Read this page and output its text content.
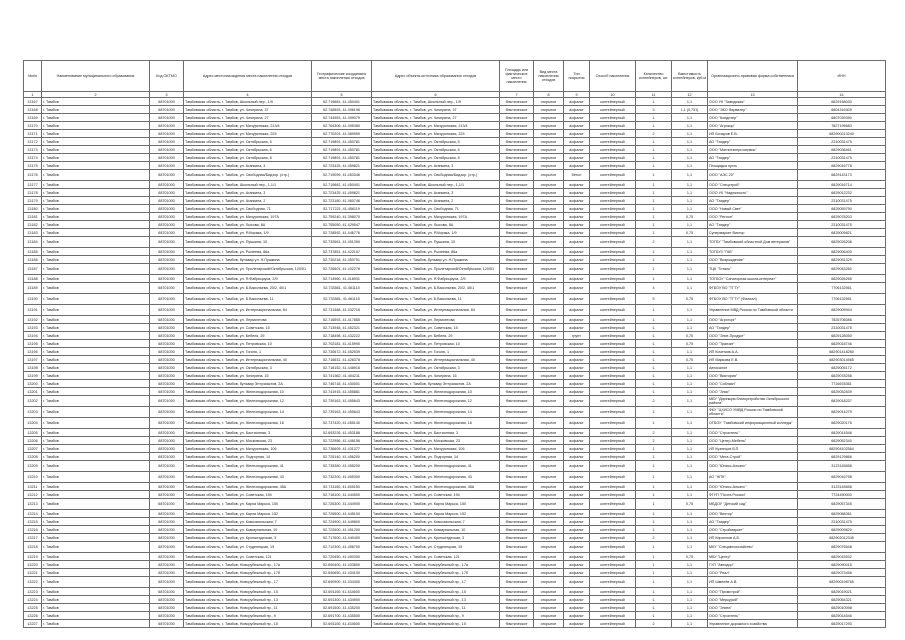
№п/п	Наименование муниципального образования	Код ОКТМО	Адрес местонахождения места накопления отходов	Географические координаты места накопления отходов	Адрес объекта-источника образования отходов	Площадь или фактическое место накопления	Вид места накопления отходов	Тип покрытия	Способ накопления	Количество контейнеров, шт.	Вместимость контейнеров, куб.м	Организационно-правовая форма собственника	ИНН
1	2	3	4	5	6	7	8	9	10	11	12	13	14
13167	г. Тамбов	68701000	Тамбовская область, г. Тамбов, Школьный пер., 1/9	52.719681, 41.450401	Тамбовская область, г. Тамбов, Школьный пер., 1/9	Фактическое	открытое	асфальт	контейнерный	1	1,1	ООО УК "Заводская"	6829158030
13168	г. Тамбов	68701000	Тамбовская область, г. Тамбов, ул. Чичерина, 37	52.748593, 41.396196	Тамбовская область, г. Тамбов, ул. Чичерина, 37	Фактическое	открытое	асфальт	контейнерный	3	1,1 (0,751)	ООО "ЭКО Фарватер"	6804316309
13169	г. Тамбов	68701000	Тамбовская область, г. Тамбов, ул. Чичерина, 27	52.744953, 41.399079	Тамбовская область, г. Тамбов, ул. Чичерина, 27	Фактическое	открытое	асфальт	контейнерный	1	1,1	ООО "Кондитер"	6807039390
13170	г. Тамбов	68701000	Тамбовская область, г. Тамбов, ул. Мичуринская, 213/4	52.764306, 41.395380	Тамбовская область, г. Тамбов, ул. Мичуринская, 213/4	Фактическое	открытое	асфальт	контейнерный	1	1,1	ООО "Агрокор"	7827195683
13171	г. Тамбов	68701000	Тамбовская область, г. Тамбов, ул. Мичуринская, 225	52.770203, 41.389959	Тамбовская область, г. Тамбов, ул. Мичуринская, 225	Фактическое	открытое	асфальт	контейнерный	2	1,1	ИП Бочаров Е.В.	682900213240
13172	г. Тамбов	68701000	Тамбовская область, г. Тамбов, ул. Октябрьская, 5	52.719891, 41.450781	Тамбовская область, г. Тамбов, ул. Октябрьская, 5	Фактическое	открытое	асфальт	контейнерный	1	1,1	АО "Тандер"	2310031475
13173	г. Тамбов	68701000	Тамбовская область, г. Тамбов, ул. Октябрьская, 6	52.719891, 41.450781	Тамбовская область, г. Тамбов, ул. Октябрьская, 6	Фактическое	открытое	асфальт	контейнерный	1	1,1	ООО "Магнитэнергосервис"	6829036461
13174	г. Тамбов	68701000	Тамбовская область, г. Тамбов, ул. Октябрьская, 8	52.719891, 41.450781	Тамбовская область, г. Тамбов, ул. Октябрьская, 8	Фактическое	открытое	асфальт	контейнерный	1	1,1	АО "Тандер"	2310031475
13175	г. Тамбов	68701000	Тамбовская область, г. Тамбов, ул. Агапкина, 3	52.723425, 41.459821	Тамбовская область, г. Тамбов, ул. Агапкина, 3	Фактическое	открытое	асфальт	контейнерный	1	1,1	Площадка пусть	6829016778
13176	г. Тамбов	68701000	Тамбовская область, г. Тамбов, ул. Свободная/Бидзор. (стр.)	52.719099, 41.453346	Тамбовская область, г. Тамбов, ул. Свободная/Бидзор. (стр.)	Фактическое	открытое	бетон	контейнерный	1	1,1	ООО "АЭС 20"	6829143173
13177	г. Тамбов	68701000	Тамбовская область, г. Тамбов, Школьный пер., 1,1/1	52.719681, 41.450401	Тамбовская область, г. Тамбов, Школьный пер., 1,1/1	Фактическое	открытое	асфальт	контейнерный	1	1,1	ООО "Спецстрой"	6829016714
13178	г. Тамбов	68701000	Тамбовская область, г. Тамбов, ул. Агапкина, 3	52.723425, 41.459821	Тамбовская область, г. Тамбов, ул. Агапкина, 3	Фактическое	открытое	асфальт	контейнерный	1	1,1	ООО УК "Надежность"	6829012232
13179	г. Тамбов	68701000	Тамбовская область, г. Тамбов, ул. Агапкина, 2	52.723180, 41.460746	Тамбовская область, г. Тамбов, ул. Агапкина, 2	Фактическое	открытое	асфальт	контейнерный	1	1,1	АО "Тандер"	2310031475
13180	г. Тамбов	68701000	Тамбовская область, г. Тамбов, ул. Свободная, 71	52.717221, 41.456119	Тамбовская область, г. Тамбов, ул. Свободная, 71	Фактическое	открытое	асфальт	контейнерный	1	1,1	ООО "Новый Свет"	6829059790
13181	г. Тамбов	68701000	Тамбовская область, г. Тамбов, ул. Мичуринская, 197А	52.759240, 41.398070	Тамбовская область, г. Тамбов, ул. Мичуринская, 197А	Фактическое	открытое	асфальт	контейнерный	1	0,75	ООО "Регион"	6829078203
13182	г. Тамбов	68701000	Тамбовская область, г. Тамбов, ул. Лысова, 8А	52.755050, 41.429547	Тамбовская область, г. Тамбов, ул. Лысова, 8А	Фактическое	открытое	асфальт	контейнерный	1	1,1	АО "Тандер"	2310031475
13183	г. Тамбов	68701000	Тамбовская область, г. Тамбов, ул. Р.Моряка, 1/9	52.728592, 41.446776	Тамбовская область, г. Тамбов, ул. Р.Моряка, 1/9	Фактическое	открытое	асфальт	контейнерный	1	0,75	Супермаркет Виктор	6829009821
13184	г. Тамбов	68701000	Тамбовская область, г. Тамбов, ул. Пушкина, 10	52.732661, 41.451390	Тамбовская область, г. Тамбов, ул. Пушкина, 10	Фактическое	открытое	асфальт	контейнерный	2	1,1	ТОГБУ "Тамбовский областной Дом ветеранов"	6829026208
13185	г. Тамбов	68701000	Тамбовская область, г. Тамбов, ул. Рылеева, 86а	52.737851, 41.422107	Тамбовская область, г. Тамбов, ул. Рылеева, 86а	Фактическое	открытое	асфальт	контейнерный	1	1,1	ТОГБУЗ "ГКБ"	6829006400
13186	г. Тамбов	68701000	Тамбовская область, г. Тамбов, бульвар ул. Н.Пушкина	52.730218, 41.450751	Тамбовская область, г. Тамбов, бульвар ул. Н.Пушкина	Фактическое	открытое	асфальт	контейнерный	1	1,1	ООО "Возрождение"	6829051329
13187	г. Тамбов	68701000	Тамбовская область, г. Тамбов, ул. Пролетарский/Октябрьская, 120/51	52.726601, 41.432278	Тамбовская область, г. Тамбов, ул. Пролетарский/Октябрьская, 120/51	Фактическое	открытое	асфальт	контейнерный	1	1,1	ТЦК "Тоталь"	6829043260
13188	г. Тамбов	68701000	Тамбовская область, г. Тамбов, ул. Я.Фабрициуса, 2/9	52.714960, 41.418931	Тамбовская область, г. Тамбов, ул. Я.Фабрициуса, 2/9	Фактическое	открытое	асфальт	контейнерный	1	1,1	ТОГБОУ "Санаторная школа-интернат"	6829026265
13189	г. Тамбов	68701000	Тамбовская область, г. Тамбов, ул. Б.Васильева, 20/2, 40/1	52.733581, 41.461115	Тамбовская область, г. Тамбов, ул. Б.Васильева, 20/2, 40/1	Фактическое	открытое	асфальт	контейнерный	4	1,1	ФГБОУ ВО "ТГТУ"	7706132561
13190	г. Тамбов	68701000	Тамбовская область, г. Тамбов, ул. Б.Васильева, 11	52.733581, 41.461115	Тамбовская область, г. Тамбов, ул. Б.Васильева, 11	Фактическое	открытое	асфальт	контейнерный	5	0,75	ФГБОУ ВО "ТГТУ" (Филиал)	7706132561
13191	г. Тамбов	68701000	Тамбовская область, г. Тамбов, ул. Интернациональная, 84	52.731488, 41.432716	Тамбовская область, г. Тамбов, ул. Интернациональная, 84	Фактическое	открытое	асфальт	контейнерный	1	1,1	Управление МВД России по Тамбовской области	6829009944
13192	г. Тамбов	68701000	Тамбовская область, г. Тамбов, ул. Лермонтова	52.716593, 41.417855	Тамбовская область, г. Тамбов, ул. Лермонтова	Фактическое	открытое	асфальт	контейнерный	1	1,1	ООО "Агроторг"	7825706086
13193	г. Тамбов	68701000	Тамбовская область, г. Тамбов, ул. Советская, 15	52.713948, 41.452321	Тамбовская область, г. Тамбов, ул. Советская, 15	Фактическое	открытое	асфальт	контейнерный	1	1,1	АО "Тандер"	2310031475
13194	г. Тамбов	68701000	Тамбовская область, г. Тамбов, ул. Бебеля, 29	52.718498, 41.432222	Тамбовская область, г. Тамбов, ул. Бебеля, 29	Фактическое	открытое	грунт	контейнерный	1	0,75	ООО "Элит-Продукт"	6829128050
13195	г. Тамбов	68701000	Тамбовская область, г. Тамбов, ул. Петровская, 10	52.702181, 41.415990	Тамбовская область, г. Тамбов, ул. Петровская, 10	Фактическое	открытое	асфальт	контейнерный	1	0,75	ООО "Транзит"	6829018746
13196	г. Тамбов	68701000	Тамбовская область, г. Тамбов, ул. Гоголя, 1	52.730672, 41.452539	Тамбовская область, г. Тамбов, ул. Гоголя, 1	Фактическое	открытое	асфальт	контейнерный	1	1,1	ИП Кочетков А.А.	682901418260
13197	г. Тамбов	68701000	Тамбовская область, г. Тамбов, ул. Интернациональная, 40	52.716631, 41.426378	Тамбовская область, г. Тамбов, ул. Интернациональная, 40	Фактическое	открытое	асфальт	контейнерный	1	0,75	ИП Маркова Е.В.	682903014565
13198	г. Тамбов	68701000	Тамбовская область, г. Тамбов, ул. Октябрьская, 3	52.718152, 41.448916	Тамбовская область, г. Тамбов, ул. Октябрьская, 3	Фактическое	открытое	асфальт	контейнерный	1	1,1	Автосалон	6829005172
13199	г. Тамбов	68701000	Тамбовская область, г. Тамбов, ул. Чичерина, 15	52.741562, 41.404211	Тамбовская область, г. Тамбов, ул. Чичерина, 15	Фактическое	открытое	асфальт	контейнерный	1	1,1	ООО "Виктория"	6829078256
13200	г. Тамбов	68701000	Тамбовская область, г. Тамбов, бульвар Энтузиастов, 2А	52.746718, 41.430001	Тамбовская область, г. Тамбов, бульвар Энтузиастов, 2А	Фактическое	открытое	асфальт	контейнерный	1	1,1	ООО "Соблазн"	7716678361
13201	г. Тамбов	68701000	Тамбовская область, г. Тамбов, ул. Железнодорожная, 10	52.741915, 41.455881	Тамбовская область, г. Тамбов, ул. Железнодорожная, 10	Фактическое	открытое	асфальт	контейнерный	1	1,1	ООО "Элис"	6829052839
13202	г. Тамбов	68701000	Тамбовская область, г. Тамбов, ул. Железнодорожная, 12	52.739163, 41.455643	Тамбовская область, г. Тамбов, ул. Железнодорожная, 12	Фактическое	открытое	асфальт	контейнерный	2	1,1	МБУ "Дирекция благоустройства Октябрьского района"	6829018237
13203	г. Тамбов	68701000	Тамбовская область, г. Тамбов, ул. Железнодорожная, 14	52.739163, 41.455643	Тамбовская область, г. Тамбов, ул. Железнодорожная, 14	Фактическое	открытое	асфальт	контейнерный	1	1,1	ФКУ "ЦХИСО УМВД России по Тамбовской области"	6829014279
13204	г. Тамбов	68701000	Тамбовская область, г. Тамбов, ул. Железнодорожная, 16	52.737420, 41.455140	Тамбовская область, г. Тамбов, ул. Железнодорожная, 16	Фактическое	открытое	асфальт	контейнерный	1	1,1	ОГБОУ "Тамбовский информационный колледж"	6829020176
13205	г. Тамбов	68701000	Тамбовская область, г. Тамбов, ул. Бастионная, 3	52.693226, 41.453188	Тамбовская область, г. Тамбов, ул. Бастионная, 3	Фактическое	открытое	асфальт	контейнерный	2	1,1	ООО "Строитель"	6829014546
13206	г. Тамбов	68701000	Тамбовская область, г. Тамбов, ул. Московская, 23	52.722956, 41.446156	Тамбовская область, г. Тамбов, ул. Московская, 23	Фактическое	открытое	асфальт	контейнерный	2	1,1	ООО "Центр-Мебель"	6829052340
13207	г. Тамбов	68701000	Тамбовская область, г. Тамбов, ул. Мичуринская, 106	52.736609, 41.431377	Тамбовская область, г. Тамбов, ул. Мичуринская, 106	Фактическое	открытое	асфальт	контейнерный	1	1,1	ИП Кузнецов В.П.	682904102564
13208	г. Тамбов	68701000	Тамбовская область, г. Тамбов, ул. Подгорная, 14	52.725140, 41.456200	Тамбовская область, г. Тамбов, ул. Подгорная, 14	Фактическое	открытое	асфальт	контейнерный	1	1,1	ООО "Мега-Строй"	6829129866
13209	г. Тамбов	68701000	Тамбовская область, г. Тамбов, ул. Железнодорожная, 41	52.735380, 41.455200	Тамбовская область, г. Тамбов, ул. Железнодорожная, 41	Фактическое	открытое	асфальт	контейнерный	1	1,1	ООО "Юнисс-Альянс"	3123145658
13210	г. Тамбов	68701000	Тамбовская область, г. Тамбов, ул. Железнодорожная, 43	52.732200, 41.455300	Тамбовская область, г. Тамбов, ул. Железнодорожная, 43	Фактическое	открытое	асфальт	контейнерный	1	1,1	АО "ЖТК"	6829016798
13211	г. Тамбов	68701000	Тамбовская область, г. Тамбов, ул. Железнодорожная, 45А	52.731150, 41.455150	Тамбовская область, г. Тамбов, ул. Железнодорожная, 45А	Фактическое	открытое	асфальт	контейнерный	1	1,1	ООО "Юнисс-Альянс"	3123145658
13212	г. Тамбов	68701000	Тамбовская область, г. Тамбов, ул. Советская, 194	52.718100, 41.444500	Тамбовская область, г. Тамбов, ул. Советская, 194	Фактическое	открытое	асфальт	контейнерный	1	1,1	ФГУП "Почта России"	7724490000
13213	г. Тамбов	68701000	Тамбовская область, г. Тамбов, ул. Карла Маркса, 150	52.726300, 41.444900	Тамбовская область, г. Тамбов, ул. Карла Маркса, 150	Фактическое	открытое	асфальт	контейнерный	1	0,75	МБДОУ "Детский сад"	6829057345
13214	г. Тамбов	68701000	Тамбовская область, г. Тамбов, ул. Карла Маркса, 152	52.726500, 41.445100	Тамбовская область, г. Тамбов, ул. Карла Маркса, 152	Фактическое	открытое	асфальт	контейнерный	1	1,1	ООО "Вектор"	6829088361
13215	г. Тамбов	68701000	Тамбовская область, г. Тамбов, ул. Комсомольская, 7	52.724900, 41.449800	Тамбовская область, г. Тамбов, ул. Комсомольская, 7	Фактическое	открытое	асфальт	контейнерный	1	1,1	АО "Тандер"	2310031475
13216	г. Тамбов	68701000	Тамбовская область, г. Тамбов, ул. Коммунальная, 10	52.722600, 41.451200	Тамбовская область, г. Тамбов, ул. Коммунальная, 10	Фактическое	открытое	асфальт	контейнерный	1	1,1	ООО "Строймаркет"	6829009820
13217	г. Тамбов	68701000	Тамбовская область, г. Тамбов, ул. Кронштадтская, 3	52.717600, 41.440400	Тамбовская область, г. Тамбов, ул. Кронштадтская, 3	Фактическое	открытое	асфальт	контейнерный	2	1,1	ИП Кириллов А.Б.	682902012345
13218	г. Тамбов	68701000	Тамбовская область, г. Тамбов, ул. Студенецкая, 19	52.712300, 41.456700	Тамбовская область, г. Тамбов, ул. Студенецкая, 19	Фактическое	открытое	асфальт	контейнерный	1	1,1	МКУ "Спецавтохозяйство"	6829076548
13219	г. Тамбов	68701000	Тамбовская область, г. Тамбов, ул. Советская, 121	52.720450, 41.450300	Тамбовская область, г. Тамбов, ул. Советская, 121	Фактическое	открытое	асфальт	контейнерный	1	0,75	МБУ "Центр"	6829015532
13220	г. Тамбов	68701000	Тамбовская область, г. Тамбов, Новорубежный пр., 17а	52.690400, 41.433800	Тамбовская область, г. Тамбов, Новорубежный пр., 17а	Фактическое	открытое	асфальт	контейнерный	1	1,1	ГУП "Автодор"	6829090015
13221	г. Тамбов	68701000	Тамбовская область, г. Тамбов, Новорубежный пр., 17б	52.690650, 41.434100	Тамбовская область, г. Тамбов, Новорубежный пр., 17б	Фактическое	открытое	асфальт	контейнерный	1	1,1	ООО "Реал"	6829073456
13222	г. Тамбов	68701000	Тамбовская область, г. Тамбов, Новорубежный пр., 17	52.690900, 41.434300	Тамбовская область, г. Тамбов, Новорубежный пр., 17	Фактическое	открытое	асфальт	контейнерный	1	1,1	ИП Шмелёв А.В.	682900198765
13223	г. Тамбов	68701000	Тамбовская область, г. Тамбов, Новорубежный пр., 15	52.691100, 41.434600	Тамбовская область, г. Тамбов, Новорубежный пр., 15	Фактическое	открытое	асфальт	контейнерный	1	1,1	ООО "Промстрой"	6829019021
13224	г. Тамбов	68701000	Тамбовская область, г. Тамбов, Новорубежный пр., 13	52.691300, 41.434900	Тамбовская область, г. Тамбов, Новорубежный пр., 13	Фактическое	открытое	асфальт	контейнерный	1	1,1	ООО "Меркурий"	6829054321
13225	г. Тамбов	68701000	Тамбовская область, г. Тамбов, Новорубежный пр., 11	52.691500, 41.435200	Тамбовская область, г. Тамбов, Новорубежный пр., 11	Фактическое	открытое	асфальт	контейнерный	1	1,1	ООО "Элита"	6829010098
13226	г. Тамбов	68701000	Тамбовская область, г. Тамбов, Новорубежный пр., 9	52.691700, 41.435500	Тамбовская область, г. Тамбов, Новорубежный пр., 9	Фактическое	открытое	асфальт	контейнерный	1	1,1	ООО "Строитель"	6829014546
13227	г. Тамбов	68701000	Тамбовская область, г. Тамбов, Новорубежный пр., 15	52.691100, 41.434600	Тамбовская область, г. Тамбов, Новорубежный пр., 15	Фактическое	открытое	асфальт	контейнерный	2	1,1	Управление дорожного хозяйства	6829017293
